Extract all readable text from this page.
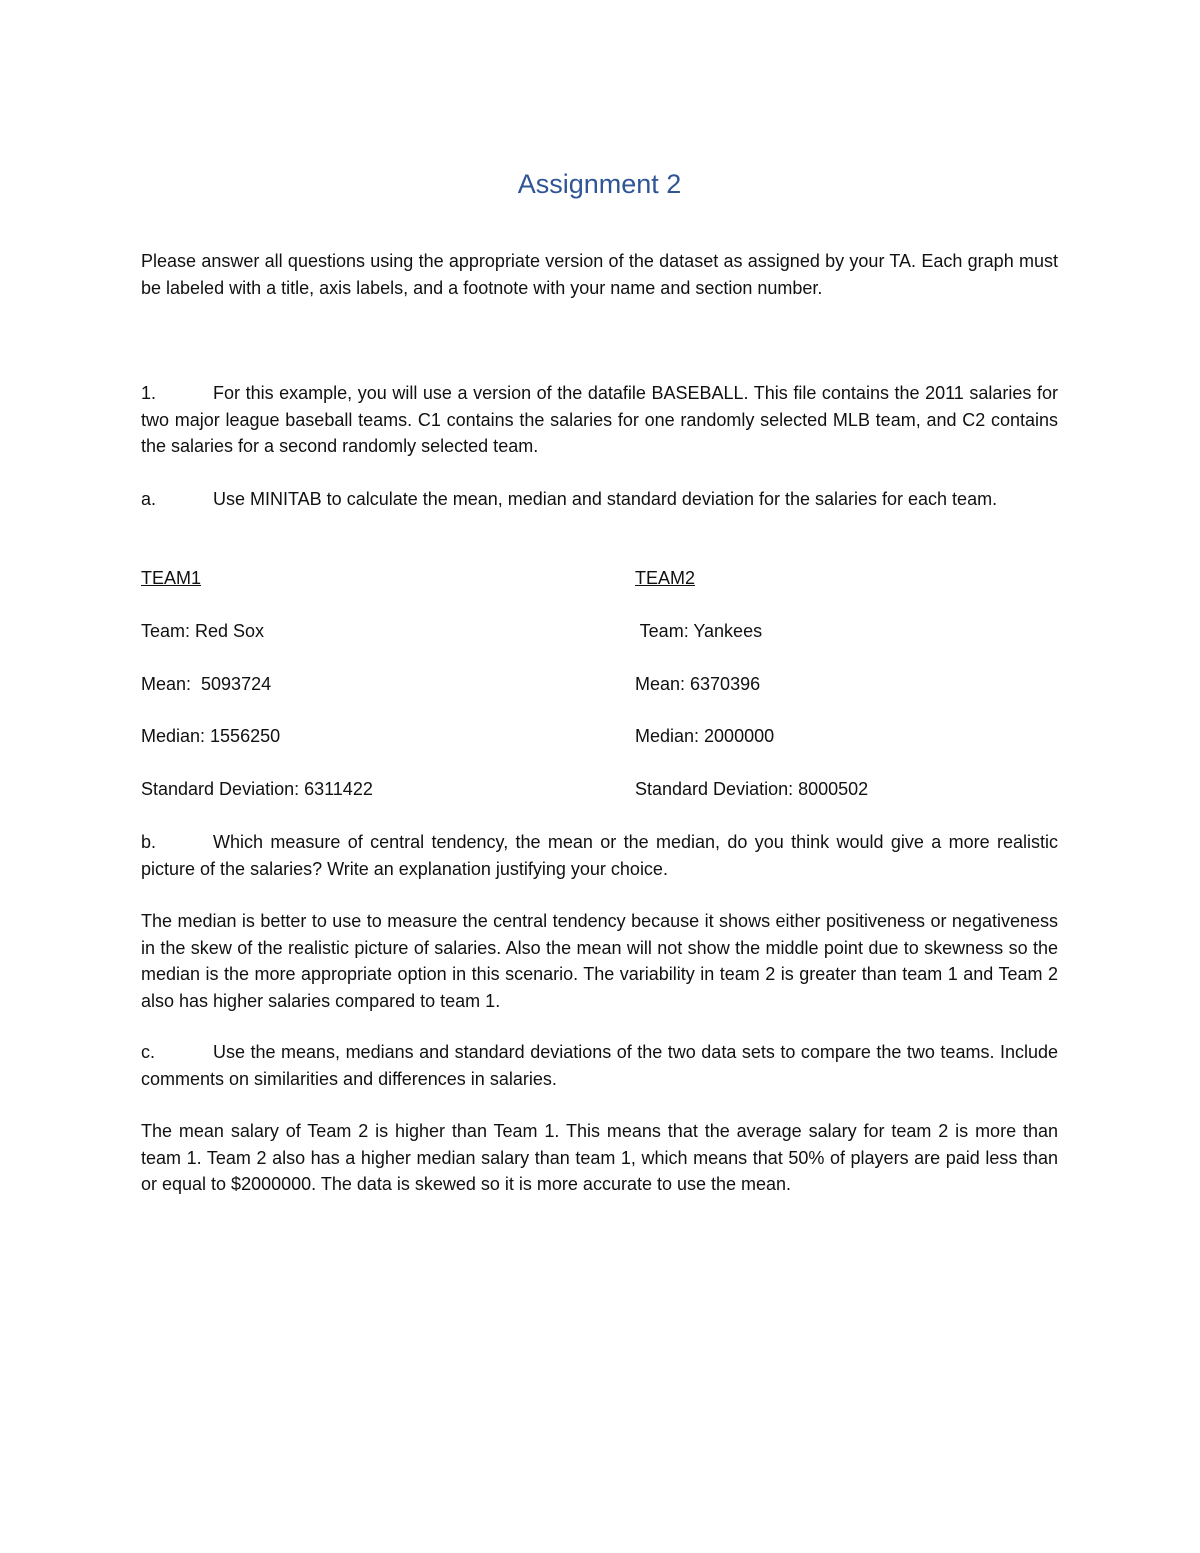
Assignment 2

Please answer all questions using the appropriate version of the dataset as assigned by your TA. Each graph must be labeled with a title, axis labels, and a footnote with your name and section number.

1.	For this example, you will use a version of the datafile BASEBALL. This file contains the 2011 salaries for two major league baseball teams. C1 contains the salaries for one randomly selected MLB team, and C2 contains the salaries for a second randomly selected team.

a.	Use MINITAB to calculate the mean, median and standard deviation for the salaries for each team.

TEAM1	TEAM2
Team: Red Sox	Team: Yankees
Mean:  5093724	Mean: 6370396
Median: 1556250	Median: 2000000
Standard Deviation: 6311422	Standard Deviation: 8000502

b.	Which measure of central tendency, the mean or the median, do you think would give a more realistic picture of the salaries? Write an explanation justifying your choice.

The median is better to use to measure the central tendency because it shows either positiveness or negativeness in the skew of the realistic picture of salaries. Also the mean will not show the middle point due to skewness so the median is the more appropriate option in this scenario. The variability in team 2 is greater than team 1 and Team 2 also has higher salaries compared to team 1.

c.	Use the means, medians and standard deviations of the two data sets to compare the two teams. Include comments on similarities and differences in salaries.

The mean salary of Team 2 is higher than Team 1. This means that the average salary for team 2 is more than team 1. Team 2 also has a higher median salary than team 1, which means that 50% of players are paid less than or equal to $2000000. The data is skewed so it is more accurate to use the mean.
